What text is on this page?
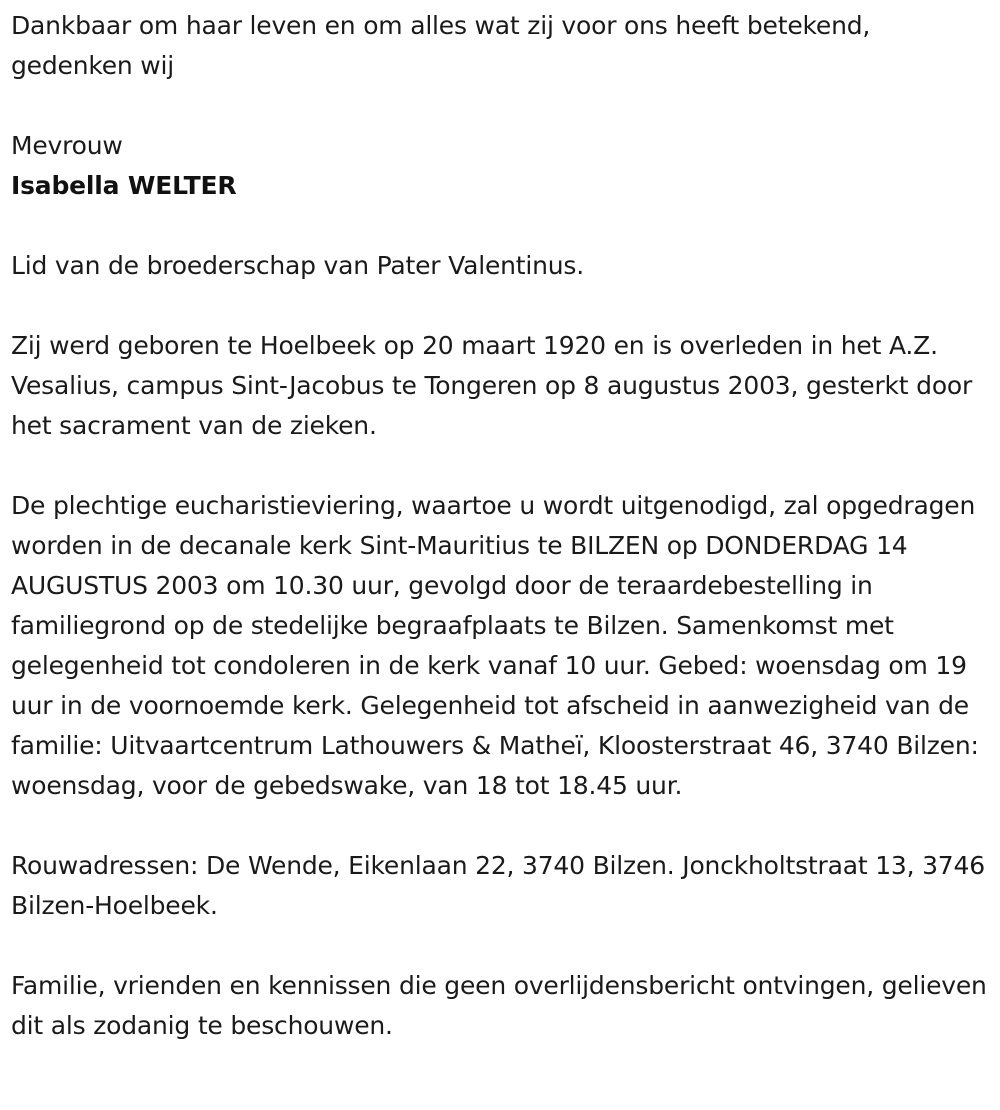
Dankbaar om haar leven en om alles wat zij voor ons heeft betekend, gedenken wij

Mevrouw

Isabella WELTER

Lid van de broederschap van Pater Valentinus.

Zij werd geboren te Hoelbeek op 20 maart 1920 en is overleden in het A.Z. Vesalius, campus Sint-Jacobus te Tongeren op 8 augustus 2003, gesterkt door het sacrament van de zieken.

De plechtige eucharistieviering, waartoe u wordt uitgenodigd, zal opgedragen worden in de decanale kerk Sint-Mauritius te BILZEN op DONDERDAG 14 AUGUSTUS 2003 om 10.30 uur, gevolgd door de teraardebestelling in familiegrond op de stedelijke begraafplaats te Bilzen. Samenkomst met gelegenheid tot condoleren in de kerk vanaf 10 uur. Gebed: woensdag om 19 uur in de voornoemde kerk. Gelegenheid tot afscheid in aanwezigheid van de familie: Uitvaartcentrum Lathouwers & Matheï, Kloosterstraat 46, 3740 Bilzen: woensdag, voor de gebedswake, van 18 tot 18.45 uur.

Rouwadressen: De Wende, Eikenlaan 22, 3740 Bilzen. Jonckholtstraat 13, 3746 Bilzen-Hoelbeek.

Familie, vrienden en kennissen die geen overlijdensbericht ontvingen, gelieven dit als zodanig te beschouwen.
